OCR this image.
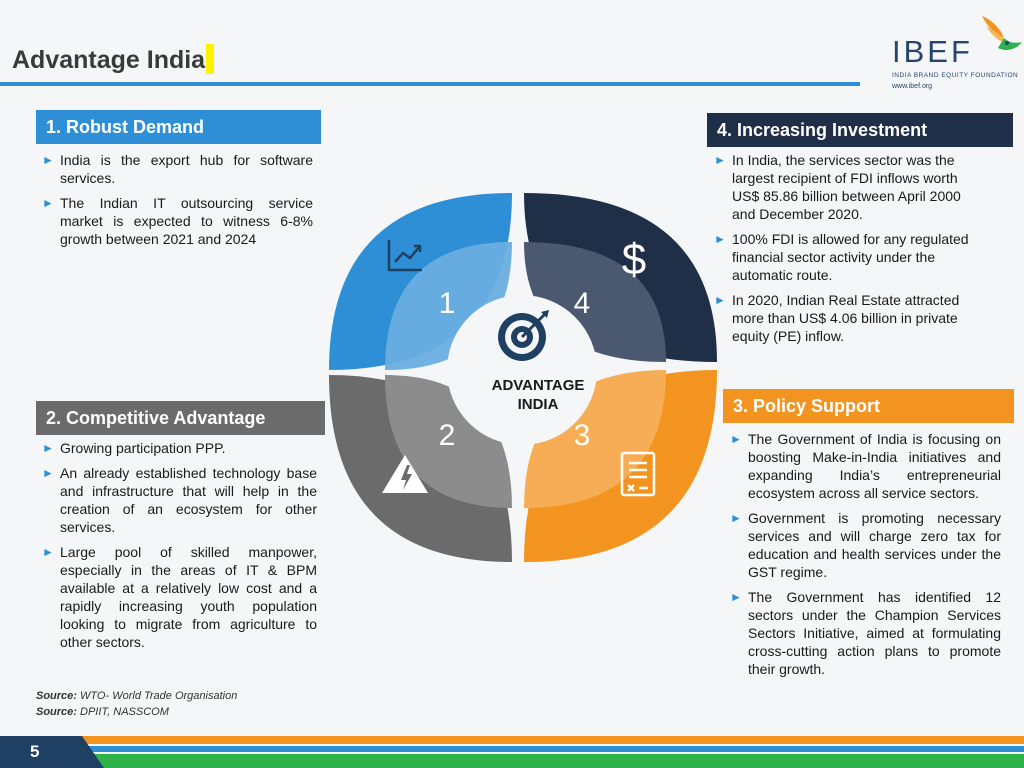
Advantage India	IBEF
INDIA BRAND EQUITY FOUNDATION
www.ibef.org
1. Robust Demand
2. Competitive Advantage
3. Policy Support
4. Increasing Investment
► India is the export hub for software services.
► The Indian IT outsourcing service market is expected to witness 6-8% growth between 2021 and 2024
► Growing participation PPP.
► An already established technology base and infrastructure that will help in the creation of an ecosystem for other services.
► Large pool of skilled manpower, especially in the areas of IT & BPM available at a relatively low cost and a rapidly increasing youth population looking to migrate from agriculture to other sectors.
► The Government of India is focusing on boosting Make-in-India initiatives and expanding India’s entrepreneurial ecosystem across all service sectors.
► Government is promoting necessary services and will charge zero tax for education and health services under the GST regime.
► The Government has identified 12 sectors under the Champion Services Sectors Initiative, aimed at formulating cross-cutting action plans to promote their growth.
► In India, the services sector was the largest recipient of FDI inflows worth US$ 85.86 billion between April 2000 and December 2020.
► 100% FDI is allowed for any regulated financial sector activity under the automatic route.
► In 2020, Indian Real Estate attracted more than US$ 4.06 billion in private equity (PE) inflow.
$
1	4
2	3
ADVANTAGE
INDIA
Source: WTO- World Trade Organisation
Source: DPIIT, NASSCOM
5
